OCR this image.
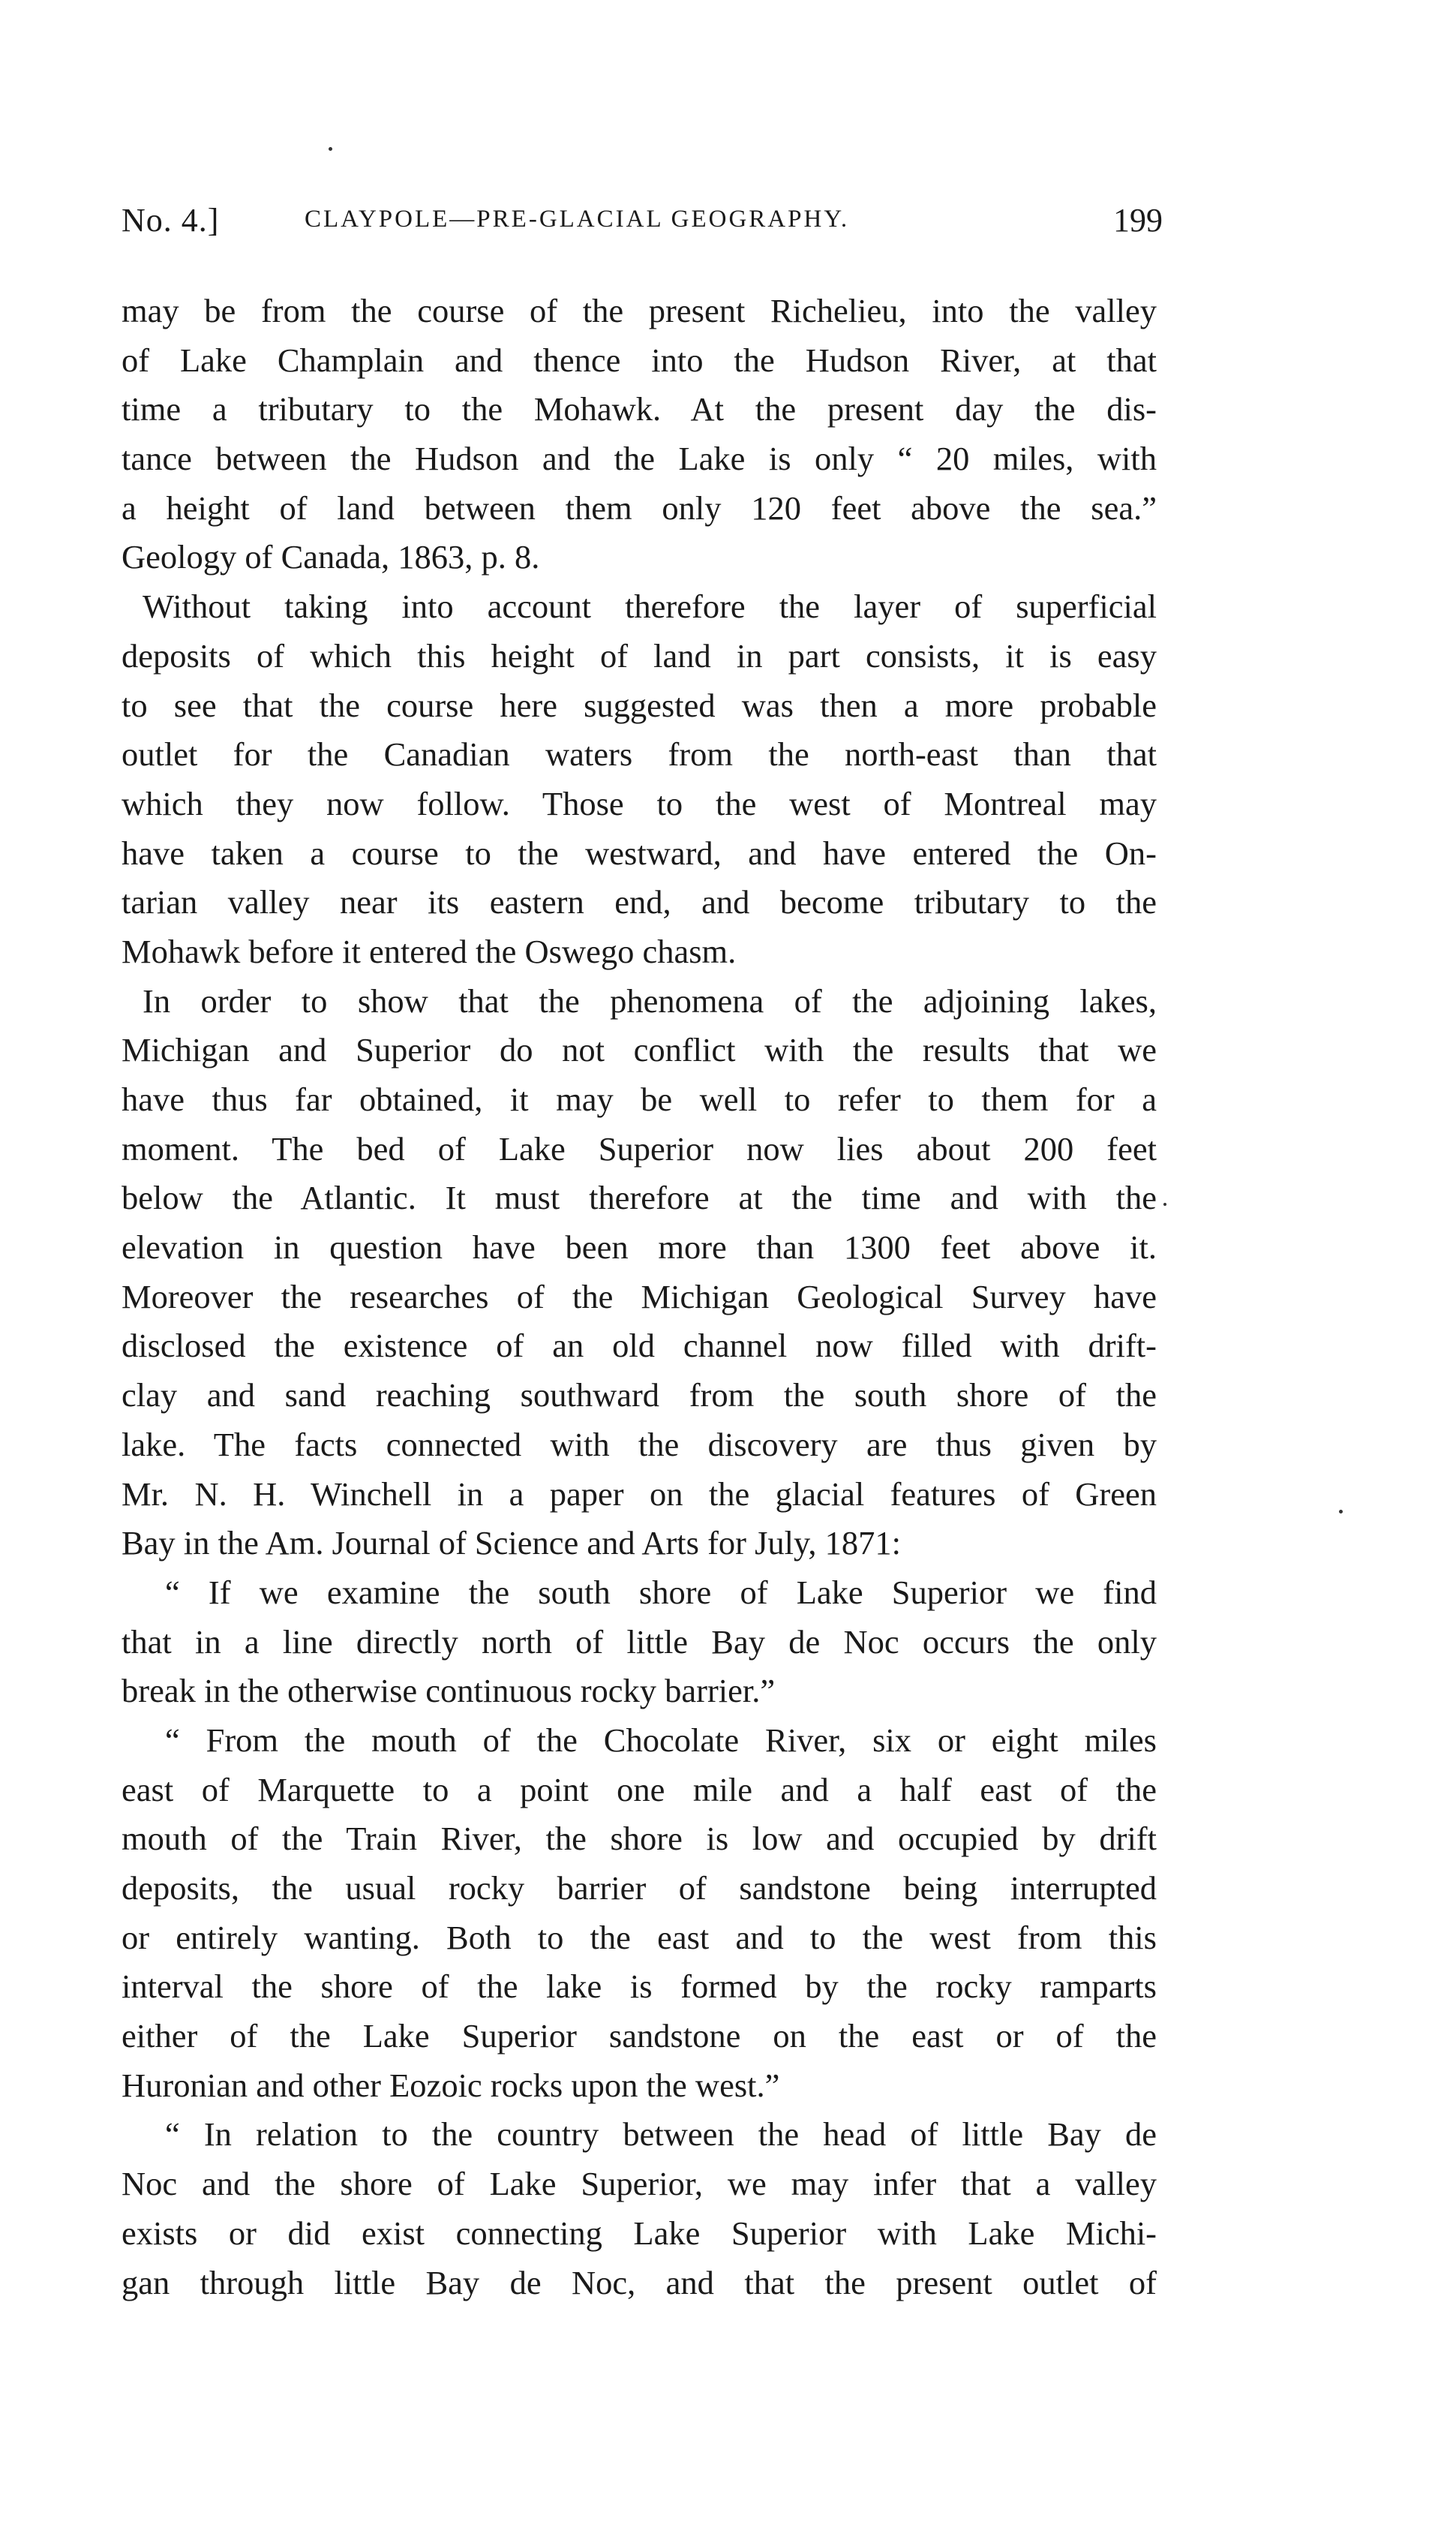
No. 4.]	CLAYPOLE—PRE-GLACIAL GEOGRAPHY.	199
may be from the course of the present Richelieu, into the valley
of Lake Champlain and thence into the Hudson River, at that
time a tributary to the Mohawk. At the present day the dis-
tance between the Hudson and the Lake is only “ 20 miles, with
a height of land between them only 120 feet above the sea.”
Geology of Canada, 1863, p. 8.
Without taking into account therefore the layer of superficial
deposits of which this height of land in part consists, it is easy
to see that the course here suggested was then a more probable
outlet for the Canadian waters from the north-east than that
which they now follow. Those to the west of Montreal may
have taken a course to the westward, and have entered the On-
tarian valley near its eastern end, and become tributary to the
Mohawk before it entered the Oswego chasm.
In order to show that the phenomena of the adjoining lakes,
Michigan and Superior do not conflict with the results that we
have thus far obtained, it may be well to refer to them for a
moment. The bed of Lake Superior now lies about 200 feet
below the Atlantic. It must therefore at the time and with the
elevation in question have been more than 1300 feet above it.
Moreover the researches of the Michigan Geological Survey have
disclosed the existence of an old channel now filled with drift-
clay and sand reaching southward from the south shore of the
lake. The facts connected with the discovery are thus given by
Mr. N. H. Winchell in a paper on the glacial features of Green
Bay in the Am. Journal of Science and Arts for July, 1871:
“ If we examine the south shore of Lake Superior we find
that in a line directly north of little Bay de Noc occurs the only
break in the otherwise continuous rocky barrier.”
“ From the mouth of the Chocolate River, six or eight miles
east of Marquette to a point one mile and a half east of the
mouth of the Train River, the shore is low and occupied by drift
deposits, the usual rocky barrier of sandstone being interrupted
or entirely wanting. Both to the east and to the west from this
interval the shore of the lake is formed by the rocky ramparts
either of the Lake Superior sandstone on the east or of the
Huronian and other Eozoic rocks upon the west.”
“ In relation to the country between the head of little Bay de
Noc and the shore of Lake Superior, we may infer that a valley
exists or did exist connecting Lake Superior with Lake Michi-
gan through little Bay de Noc, and that the present outlet of
